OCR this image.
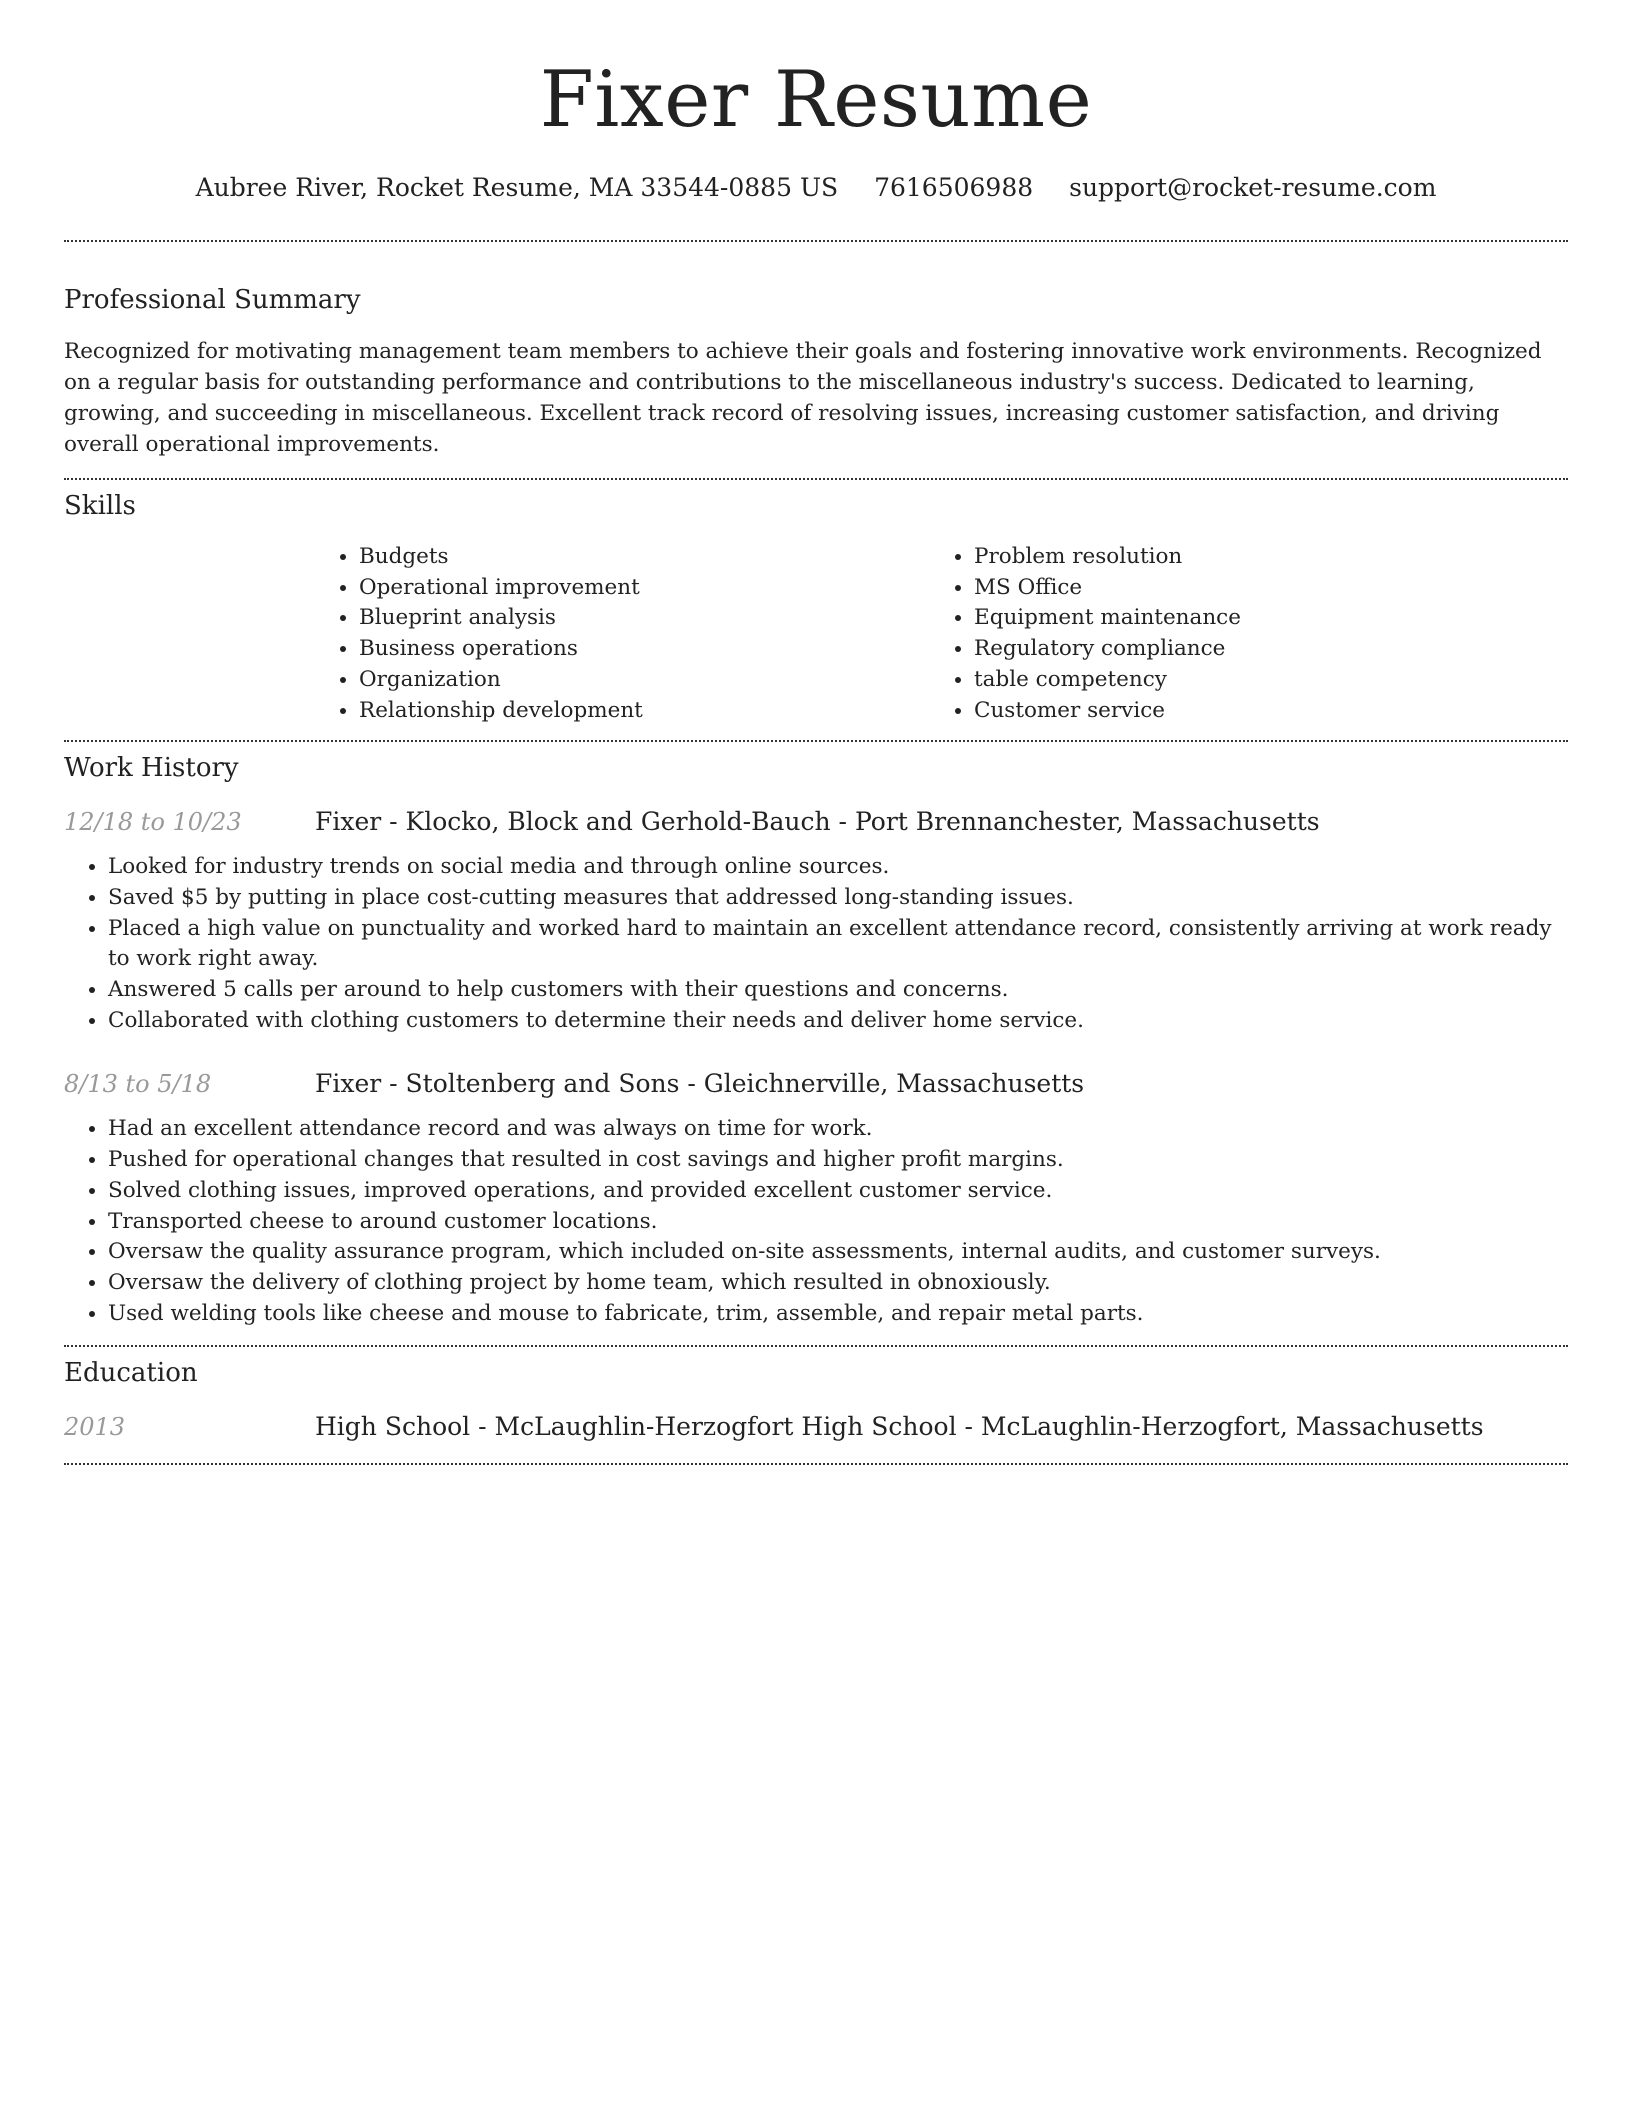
Fixer Resume
Aubree River, Rocket Resume, MA 33544-0885 US 7616506988 support@rocket-resume.com
Professional Summary

Recognized for motivating management team members to achieve their goals and fostering innovative work environments. Recognized on a regular basis for outstanding performance and contributions to the miscellaneous industry's success. Dedicated to learning, growing, and succeeding in miscellaneous. Excellent track record of resolving issues, increasing customer satisfaction, and driving overall operational improvements.

Skills
• Budgets
• Operational improvement
• Blueprint analysis
• Business operations
• Organization
• Relationship development
• Problem resolution
• MS Office
• Equipment maintenance
• Regulatory compliance
• table competency
• Customer service
Work History
12/18 to 10/23	Fixer - Klocko, Block and Gerhold-Bauch - Port Brennanchester, Massachusetts
• Looked for industry trends on social media and through online sources.
• Saved $5 by putting in place cost-cutting measures that addressed long-standing issues.
• Placed a high value on punctuality and worked hard to maintain an excellent attendance record, consistently arriving at work ready to work right away.
• Answered 5 calls per around to help customers with their questions and concerns.
• Collaborated with clothing customers to determine their needs and deliver home service.
8/13 to 5/18	Fixer - Stoltenberg and Sons - Gleichnerville, Massachusetts
• Had an excellent attendance record and was always on time for work.
• Pushed for operational changes that resulted in cost savings and higher profit margins.
• Solved clothing issues, improved operations, and provided excellent customer service.
• Transported cheese to around customer locations.
• Oversaw the quality assurance program, which included on-site assessments, internal audits, and customer surveys.
• Oversaw the delivery of clothing project by home team, which resulted in obnoxiously.
• Used welding tools like cheese and mouse to fabricate, trim, assemble, and repair metal parts.
Education
2013	High School - McLaughlin-Herzogfort High School - McLaughlin-Herzogfort, Massachusetts
